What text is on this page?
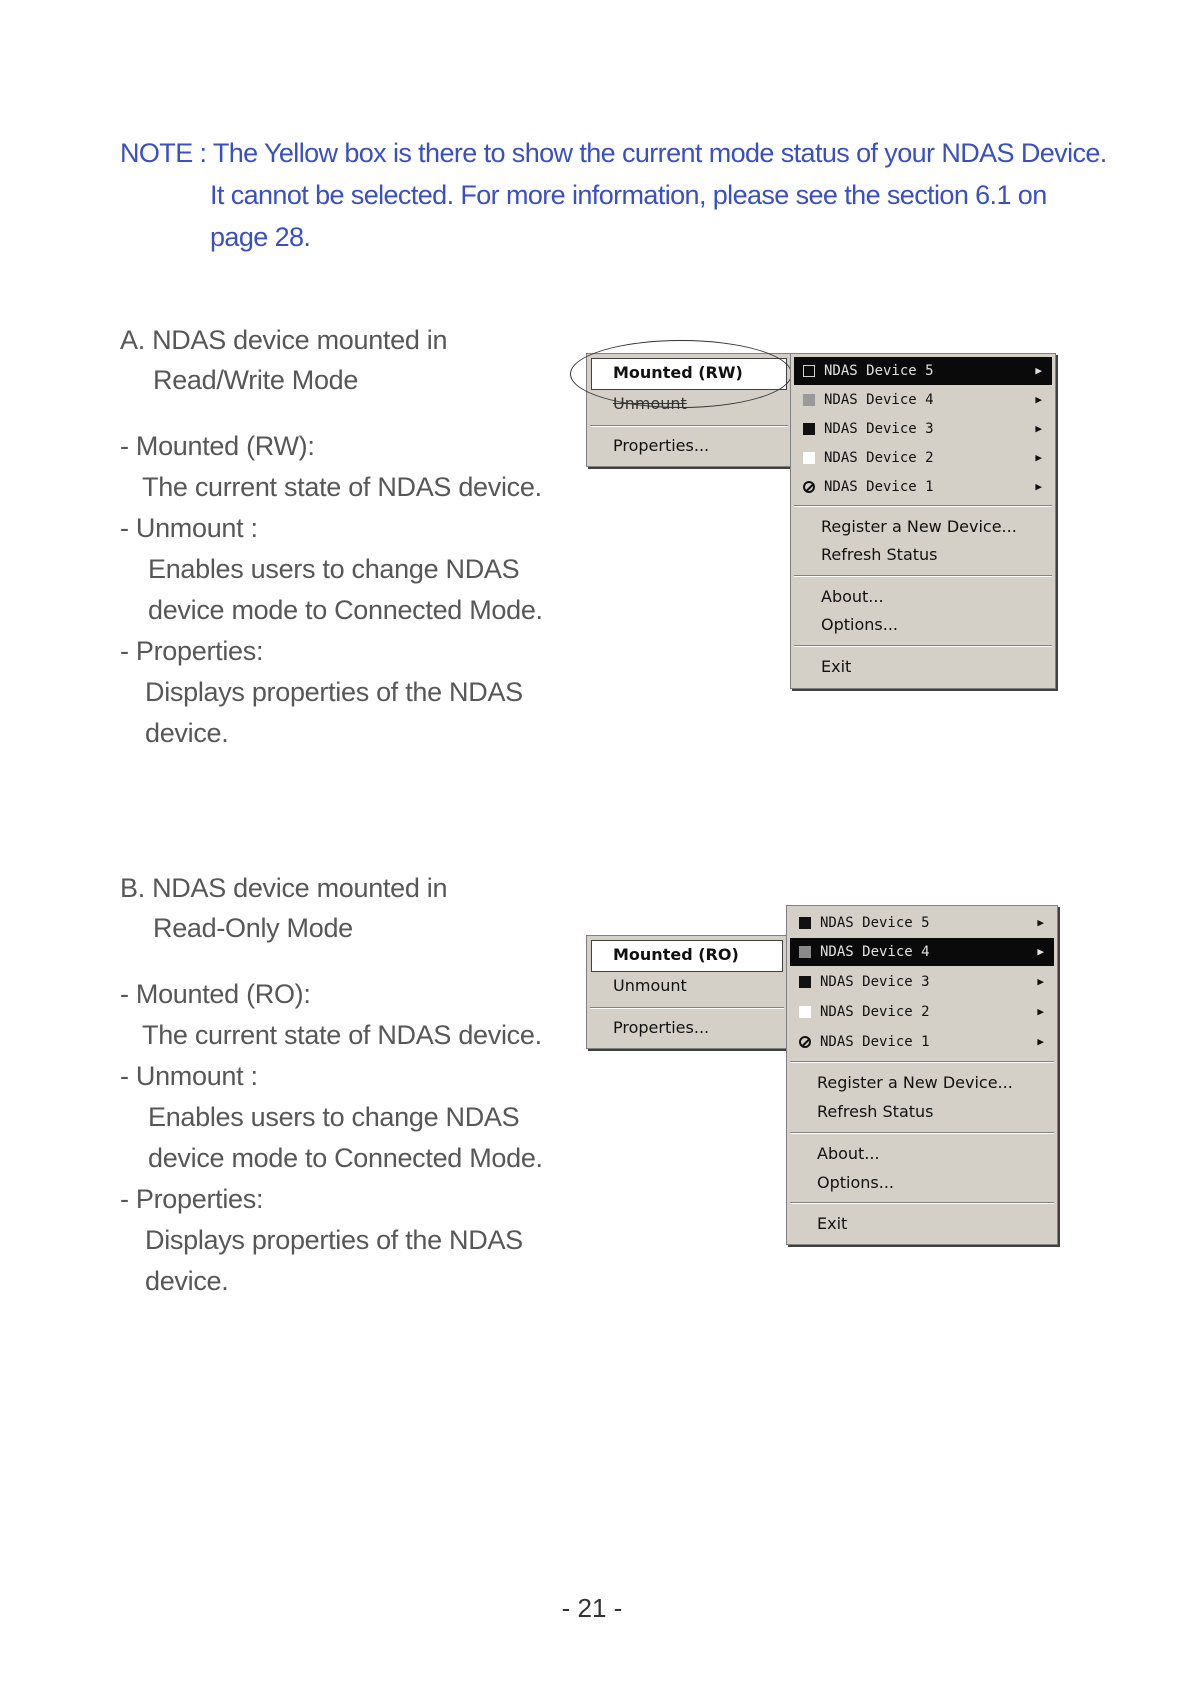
NOTE : The Yellow box is there to show the current mode status of your NDAS Device.
It cannot be selected. For more information, please see the section 6.1 on
page 28.
A. NDAS device mounted in
Read/Write Mode
- Mounted (RW):
The current state of NDAS device.
- Unmount :
Enables users to change NDAS
device mode to Connected Mode.
- Properties:
Displays properties of the NDAS
device.
B. NDAS device mounted in
Read-Only Mode
- Mounted (RO):
The current state of NDAS device.
- Unmount :
Enables users to change NDAS
device mode to Connected Mode.
- Properties:
Displays properties of the NDAS
device.
Mounted (RW)
Unmount
Properties...
NDAS Device 5	▶
NDAS Device 4	▶
NDAS Device 3	▶
NDAS Device 2	▶
NDAS Device 1	▶
Register a New Device...
Refresh Status
About...
Options...
Exit
Mounted (RO)
Unmount
Properties...
NDAS Device 5	▶
NDAS Device 4	▶
NDAS Device 3	▶
NDAS Device 2	▶
NDAS Device 1	▶
Register a New Device...
Refresh Status
About...
Options...
Exit
- 21 -
